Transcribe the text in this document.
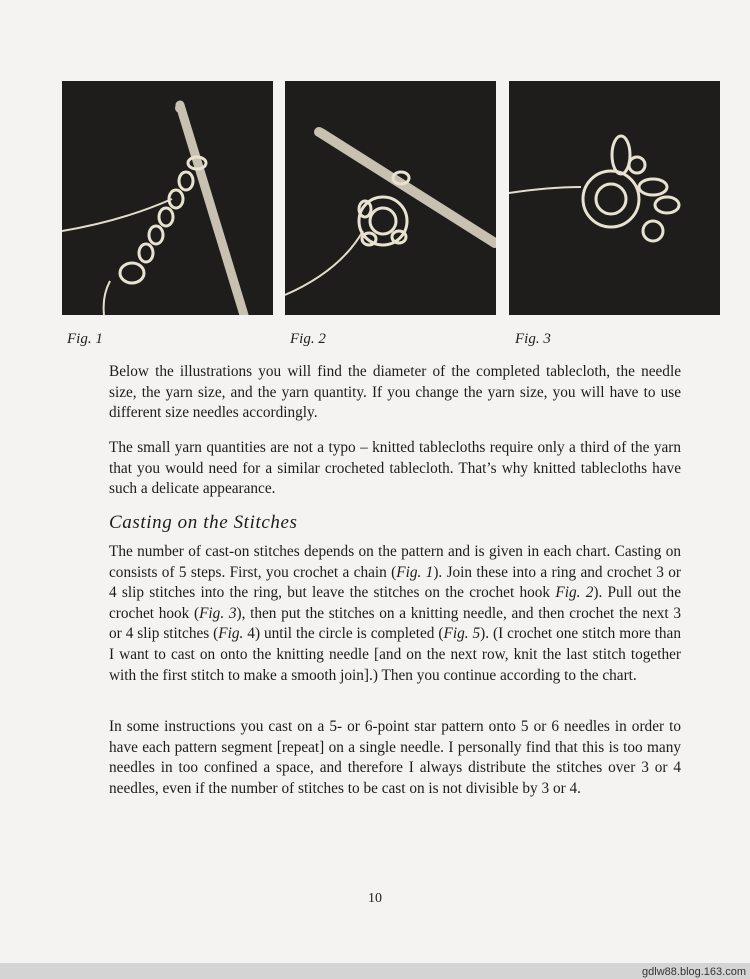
Fig. 1	Fig. 2	Fig. 3

Below the illustrations you will find the diameter of the completed tablecloth, the needle size, the yarn size, and the yarn quantity. If you change the yarn size, you will have to use different size needles accordingly.

The small yarn quantities are not a typo – knitted tablecloths require only a third of the yarn that you would need for a similar crocheted tablecloth. That’s why knitted tablecloths have such a delicate appearance.

Casting on the Stitches

The number of cast-on stitches depends on the pattern and is given in each chart. Casting on consists of 5 steps. First, you crochet a chain (Fig. 1). Join these into a ring and crochet 3 or 4 slip stitches into the ring, but leave the stitches on the crochet hook Fig. 2). Pull out the crochet hook (Fig. 3), then put the stitches on a knitting needle, and then crochet the next 3 or 4 slip stitches (Fig. 4) until the circle is completed (Fig. 5). (I crochet one stitch more than I want to cast on onto the knitting needle [and on the next row, knit the last stitch together with the first stitch to make a smooth join].) Then you continue according to the chart.

In some instructions you cast on a 5- or 6-point star pattern onto 5 or 6 needles in order to have each pattern segment [repeat] on a single needle. I personally find that this is too many needles in too confined a space, and therefore I always distribute the stitches over 3 or 4 needles, even if the number of stitches to be cast on is not divisible by 3 or 4.

10
gdlw88.blog.163.com
